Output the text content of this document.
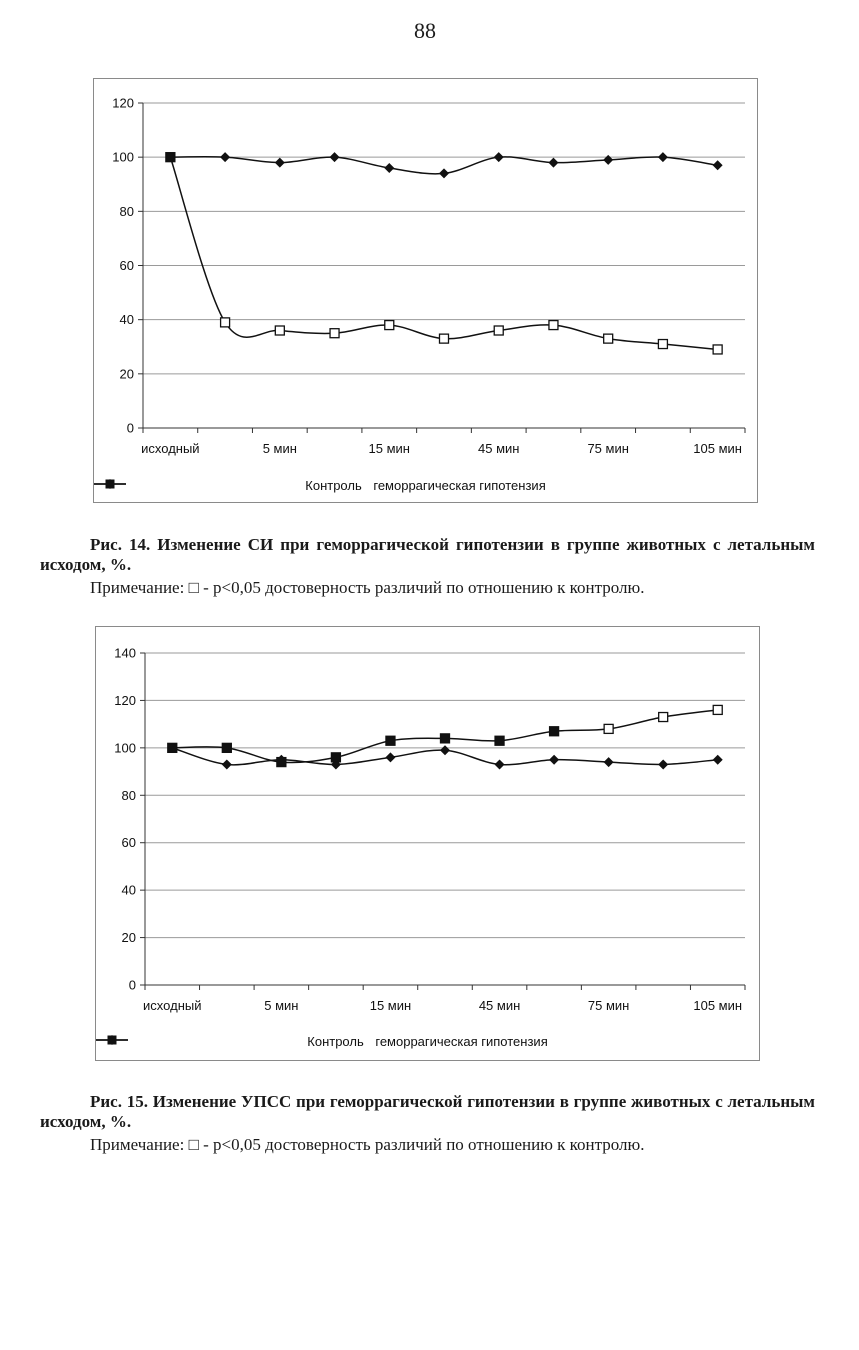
88
0
20
40
60
80
100
120
исходный	5 мин	15 мин	45 мин	75 мин	105 мин
Контроль геморрагическая гипотензия
Рис. 14. Изменение СИ при геморрагической гипотензии в группе животных с летальным исходом, %.
Примечание: □ - р<0,05 достоверность различий по отношению к контролю.
0
20
40
60
80
100
120
140
исходный	5 мин	15 мин	45 мин	75 мин	105 мин
Контроль геморрагическая гипотензия
Рис. 15. Изменение УПСС при геморрагической гипотензии в группе животных с летальным исходом, %.
Примечание: □ - р<0,05 достоверность различий по отношению к контролю.
